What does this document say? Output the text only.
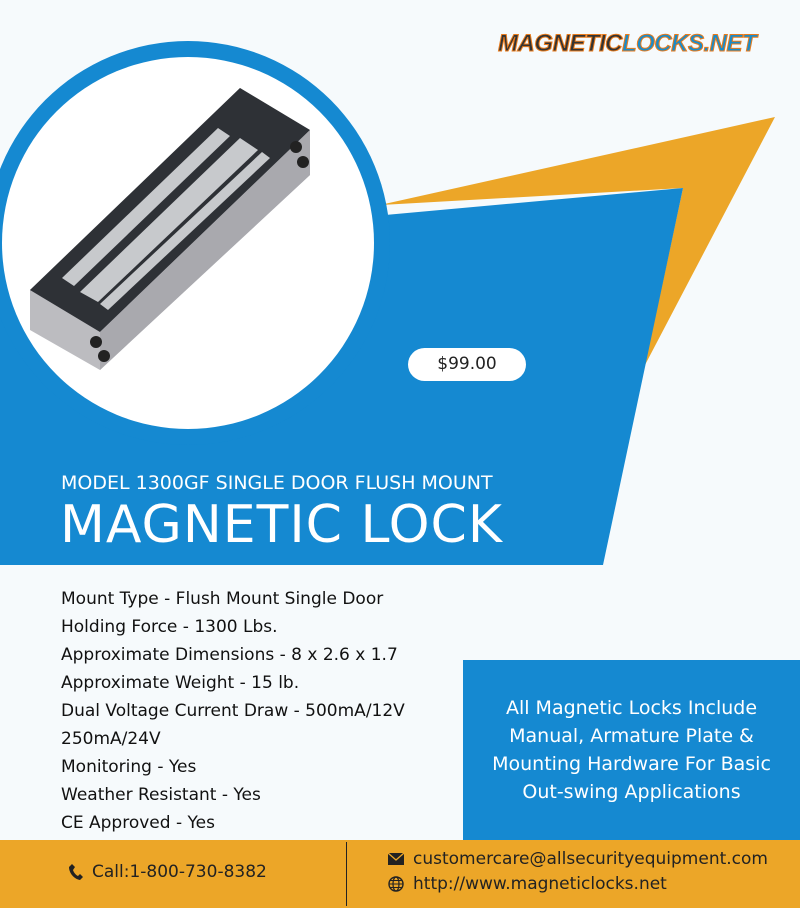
MAGNETICLOCKS.NET
$99.00
MODEL 1300GF SINGLE DOOR FLUSH MOUNT
MAGNETIC LOCK
Mount Type - Flush Mount Single Door
Holding Force - 1300 Lbs.
Approximate Dimensions - 8 x 2.6 x 1.7
Approximate Weight - 15 lb.
Dual Voltage Current Draw - 500mA/12V
250mA/24V
Monitoring - Yes
Weather Resistant - Yes
CE Approved - Yes
All Magnetic Locks Include Manual, Armature Plate & Mounting Hardware For Basic Out-swing Applications
Call:1-800-730-8382
customercare@allsecurityequipment.com
http://www.magneticlocks.net
